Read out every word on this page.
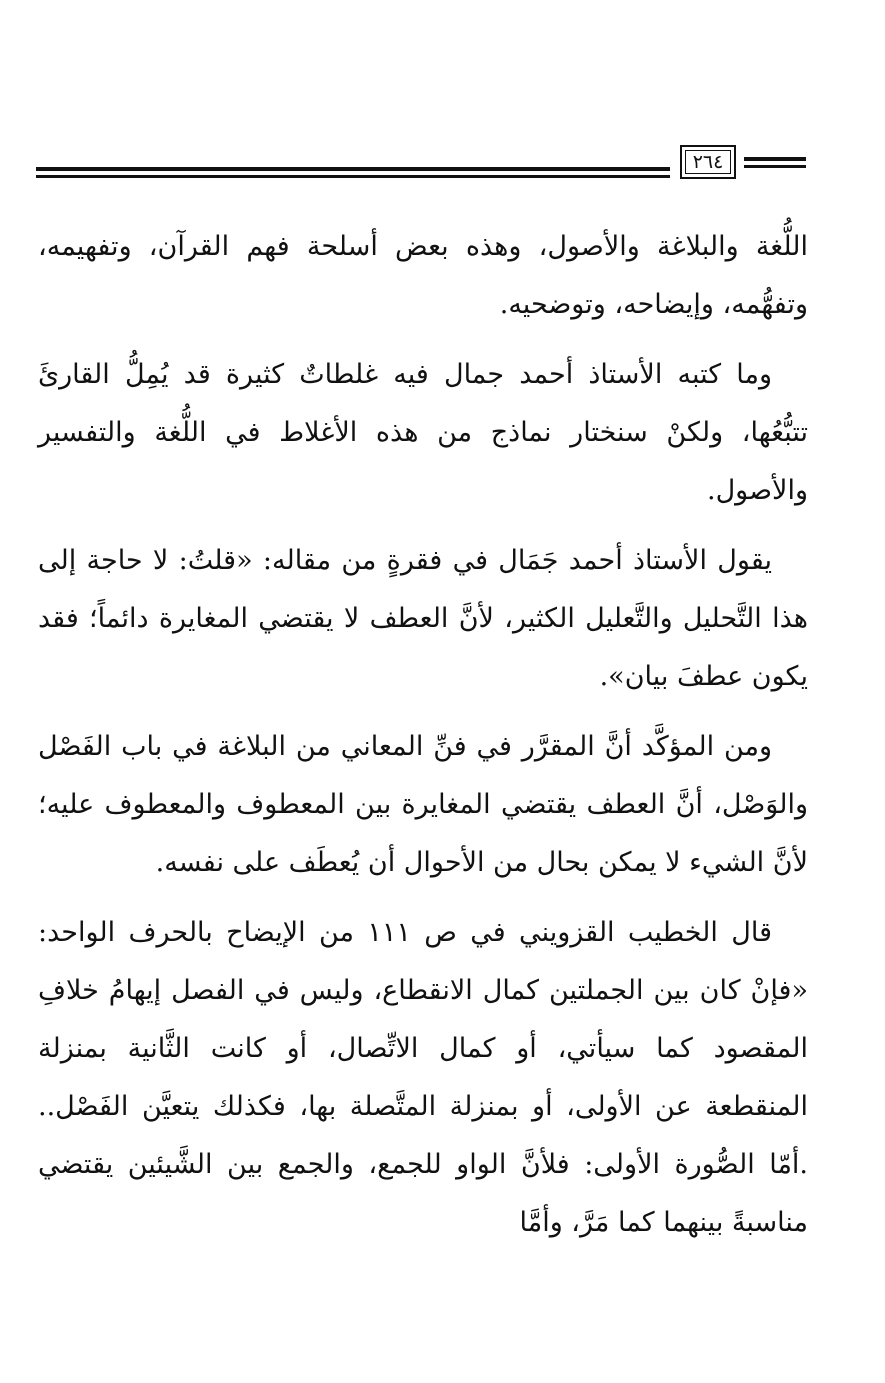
٢٦٤

اللُّغة والبلاغة والأصول، وهذه بعض أسلحة فهم القرآن، وتفهيمه، وتفهُّمه، وإيضاحه، وتوضحيه.

وما كتبه الأستاذ أحمد جمال فيه غلطاتٌ كثيرة قد يُمِلُّ القارئَ تتبُّعُها، ولكنْ سنختار نماذج من هذه الأغلاط في اللُّغة والتفسير والأصول.

يقول الأستاذ أحمد جَمَال في فقرةٍ من مقاله: «قلتُ: لا حاجة إلى هذا التَّحليل والتَّعليل الكثير، لأنَّ العطف لا يقتضي المغايرة دائماً؛ فقد يكون عطفَ بيان».

ومن المؤكَّد أنَّ المقرَّر في فنِّ المعاني من البلاغة في باب الفَصْل والوَصْل، أنَّ العطف يقتضي المغايرة بين المعطوف والمعطوف عليه؛ لأنَّ الشيء لا يمكن بحال من الأحوال أن يُعطَف على نفسه.

قال الخطيب القزويني في ص ١١١ من الإيضاح بالحرف الواحد: «فإنْ كان بين الجملتين كمال الانقطاع، وليس في الفصل إيهامُ خلافِ المقصود كما سيأتي، أو كمال الاتِّصال، أو كانت الثَّانية بمنزلة المنقطعة عن الأولى، أو بمنزلة المتَّصلة بها، فكذلك يتعيَّن الفَصْل.. .أمّا الصُّورة الأولى: فلأنَّ الواو للجمع، والجمع بين الشَّيئين يقتضي مناسبةً بينهما كما مَرَّ، وأمَّا
